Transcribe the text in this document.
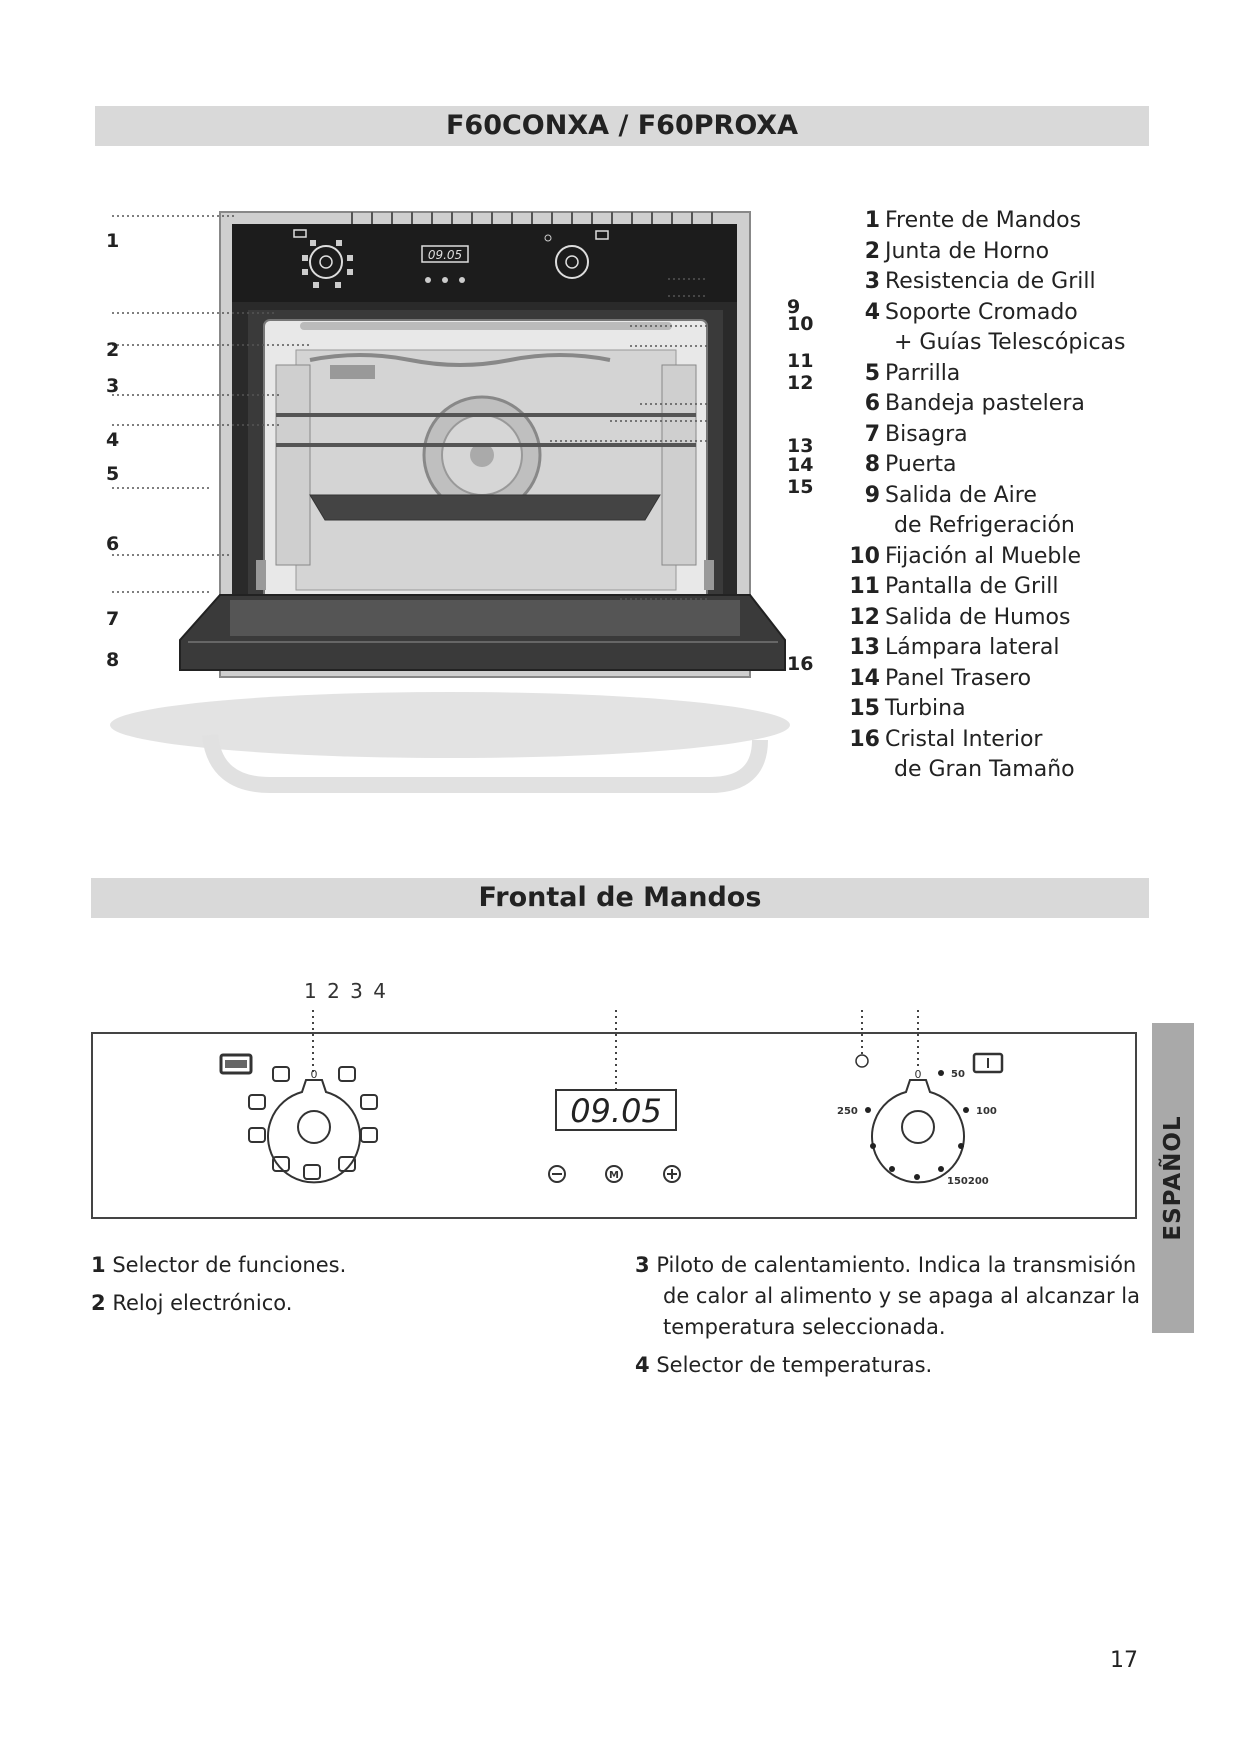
F60CONXA / F60PROXA
09.05
1
2
3
4
5
6
7
8
9
10
11
12
13
14
15
16
1 Frente de Mandos
2 Junta de Horno
3 Resistencia de Grill
4 Soporte Cromado
+ Guías Telescópicas
5 Parrilla
6 Bandeja pastelera
7 Bisagra
8 Puerta
9 Salida de Aire
de Refrigeración
10 Fijación al Mueble
11 Pantalla de Grill
12 Salida de Humos
13 Lámpara lateral
14 Panel Trasero
15 Turbina
16 Cristal Interior
de Gran Tamaño
Frontal de Mandos
1 2 3 4
0
09.05
M
0	50
100
250
150200	ESPAÑOL
1 Selector de funciones.
2 Reloj electrónico.
3 Piloto de calentamiento. Indica la transmisión
de calor al alimento y se apaga al alcanzar la
temperatura seleccionada.
4 Selector de temperaturas.
17
